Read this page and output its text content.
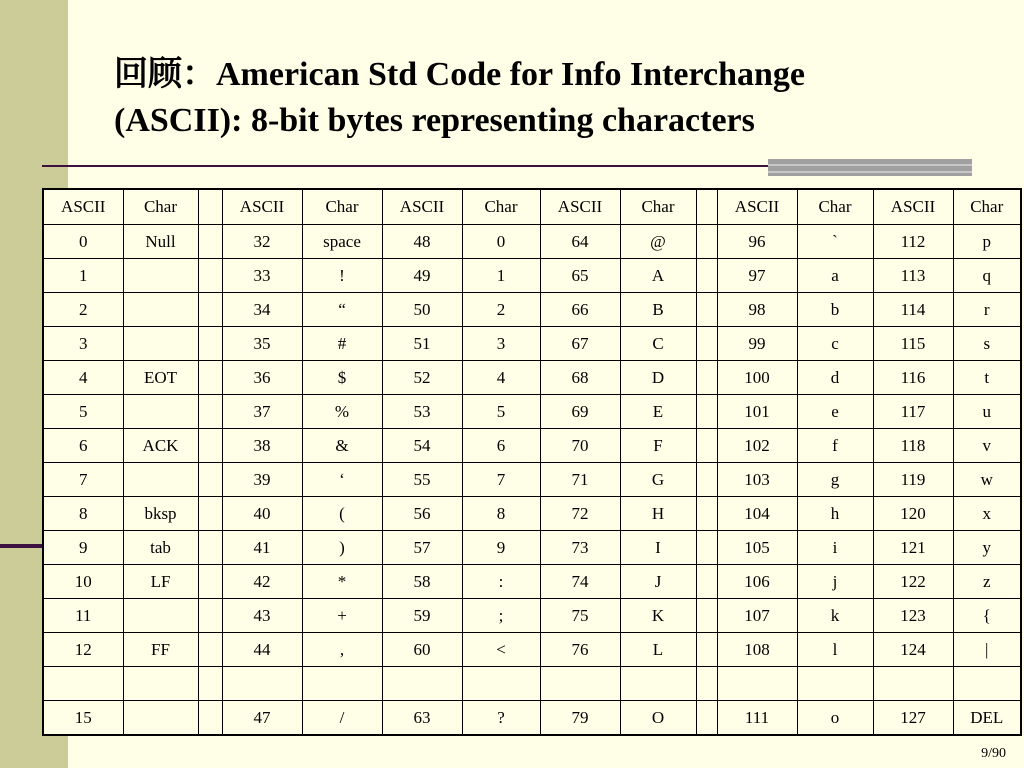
回顾：American Std Code for Info Interchange
(ASCII): 8-bit bytes representing characters
ASCII	Char		ASCII	Char	ASCII	Char	ASCII	Char		ASCII	Char	ASCII	Char
0	Null		32	space	48	0	64	@		96	`	112	p
1			33	!	49	1	65	A		97	a	113	q
2			34	“	50	2	66	B		98	b	114	r
3			35	#	51	3	67	C		99	c	115	s
4	EOT		36	$	52	4	68	D		100	d	116	t
5			37	%	53	5	69	E		101	e	117	u
6	ACK		38	&	54	6	70	F		102	f	118	v
7			39	‘	55	7	71	G		103	g	119	w
8	bksp		40	(	56	8	72	H		104	h	120	x
9	tab		41	)	57	9	73	I		105	i	121	y
10	LF		42	*	58	:	74	J		106	j	122	z
11			43	+	59	;	75	K		107	k	123	{
12	FF		44	,	60	<	76	L		108	l	124	|

15			47	/	63	?	79	O		111	o	127	DEL
9/90
